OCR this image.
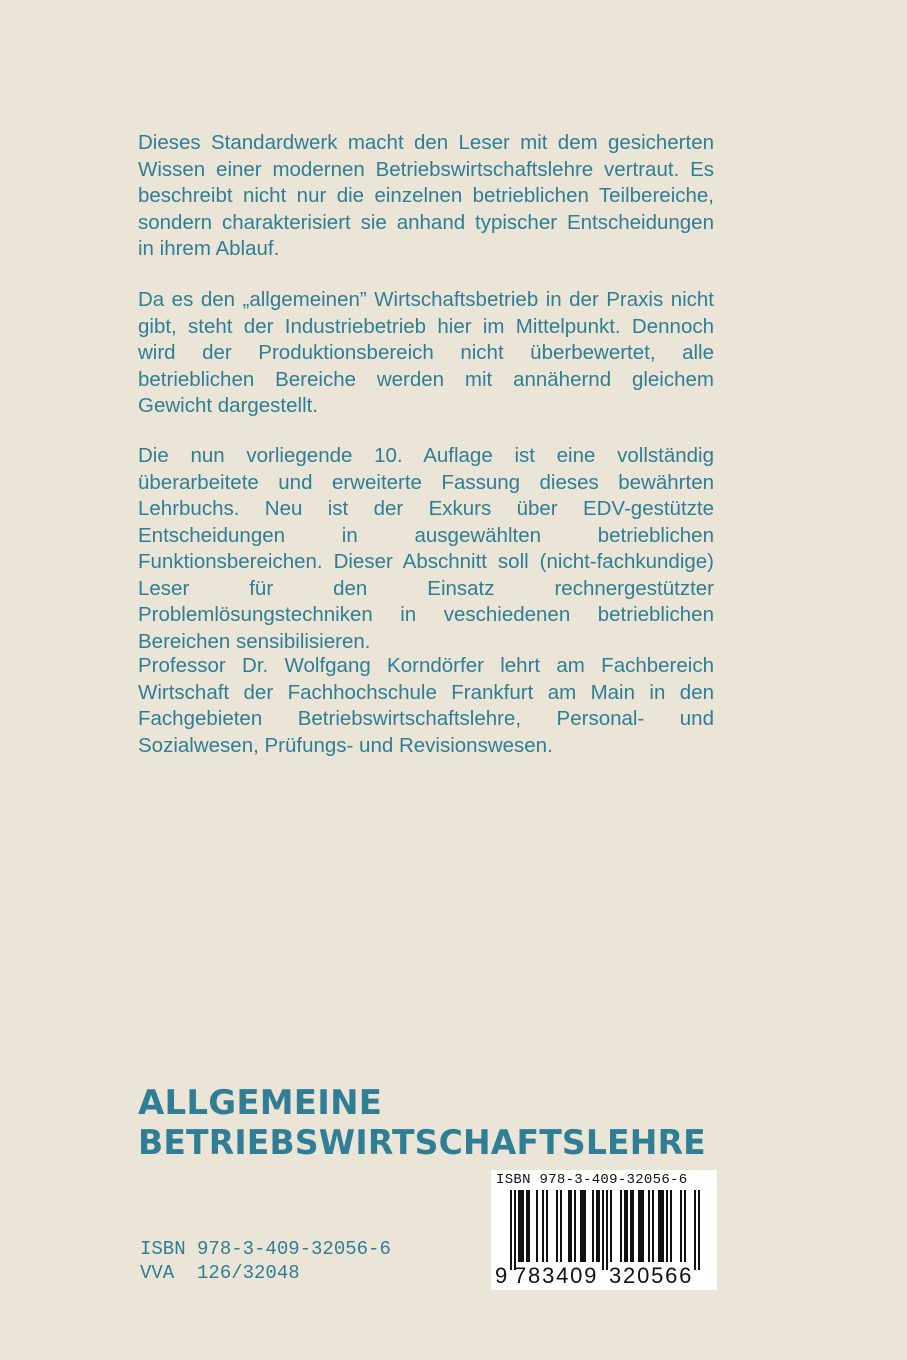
Dieses Standardwerk macht den Leser mit dem gesicherten Wissen einer modernen Betriebswirtschaftslehre vertraut. Es beschreibt nicht nur die einzelnen betrieblichen Teilbereiche, sondern charakterisiert sie anhand typischer Entscheidungen in ihrem Ablauf.

Da es den „allgemeinen” Wirtschaftsbetrieb in der Praxis nicht gibt, steht der Industriebetrieb hier im Mittelpunkt. Dennoch wird der Produktionsbereich nicht überbewertet, alle betrieblichen Bereiche werden mit annähernd gleichem Gewicht dargestellt.

Die nun vorliegende 10. Auflage ist eine vollständig überarbeitete und erweiterte Fassung dieses bewährten Lehrbuchs. Neu ist der Exkurs über EDV-gestützte Entscheidungen in ausgewählten betrieblichen Funktionsbereichen. Dieser Abschnitt soll (nicht-fachkundige) Leser für den Einsatz rechnergestützter Problemlösungstechniken in veschiedenen betrieblichen Bereichen sensibilisieren.

Professor Dr. Wolfgang Korndörfer lehrt am Fachbereich Wirtschaft der Fachhochschule Frankfurt am Main in den Fachgebieten Betriebswirtschaftslehre, Personal- und Sozialwesen, Prüfungs- und Revisionswesen.

ALLGEMEINE
BETRIEBSWIRTSCHAFTSLEHRE
ISBN 978-3-409-32056-6
VVA  126/32048
ISBN 978-3-409-32056-6
9 783409 320566
